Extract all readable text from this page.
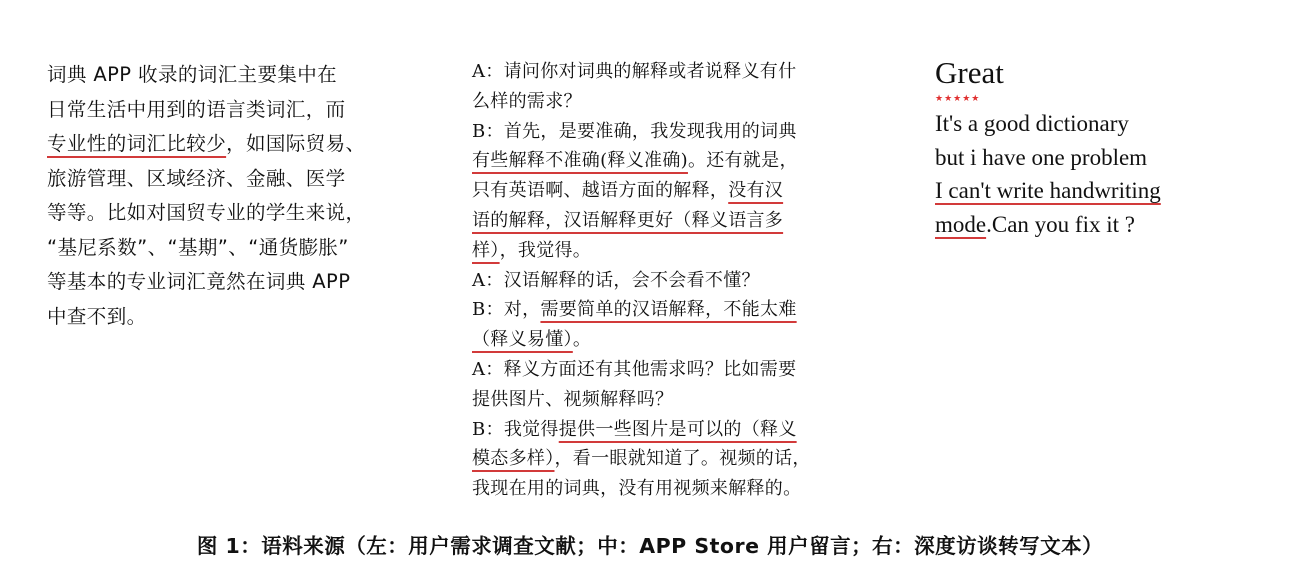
词典 APP 收录的词汇主要集中在
日常生活中用到的语言类词汇，而
专业性的词汇比较少，如国际贸易、
旅游管理、区域经济、金融、医学
等等。比如对国贸专业的学生来说，
“基尼系数”、“基期”、“通货膨胀”
等基本的专业词汇竟然在词典 APP
中查不到。
A：请问你对词典的解释或者说释义有什
么样的需求？
B：首先，是要准确，我发现我用的词典
有些解释不准确(释义准确)。还有就是，
只有英语啊、越语方面的解释，没有汉
语的解释，汉语解释更好（释义语言多
样），我觉得。
A：汉语解释的话，会不会看不懂？
B：对，需要简单的汉语解释，不能太难
（释义易懂）。
A：释义方面还有其他需求吗？比如需要
提供图片、视频解释吗？
B：我觉得提供一些图片是可以的（释义
模态多样），看一眼就知道了。视频的话，
我现在用的词典，没有用视频来解释的。
Great
★★★★★
It's a good dictionary
but i have one problem
I can't write handwriting
mode.Can you fix it ?
图 1：语料来源（左：用户需求调查文献；中：APP Store 用户留言；右：深度访谈转写文本）
